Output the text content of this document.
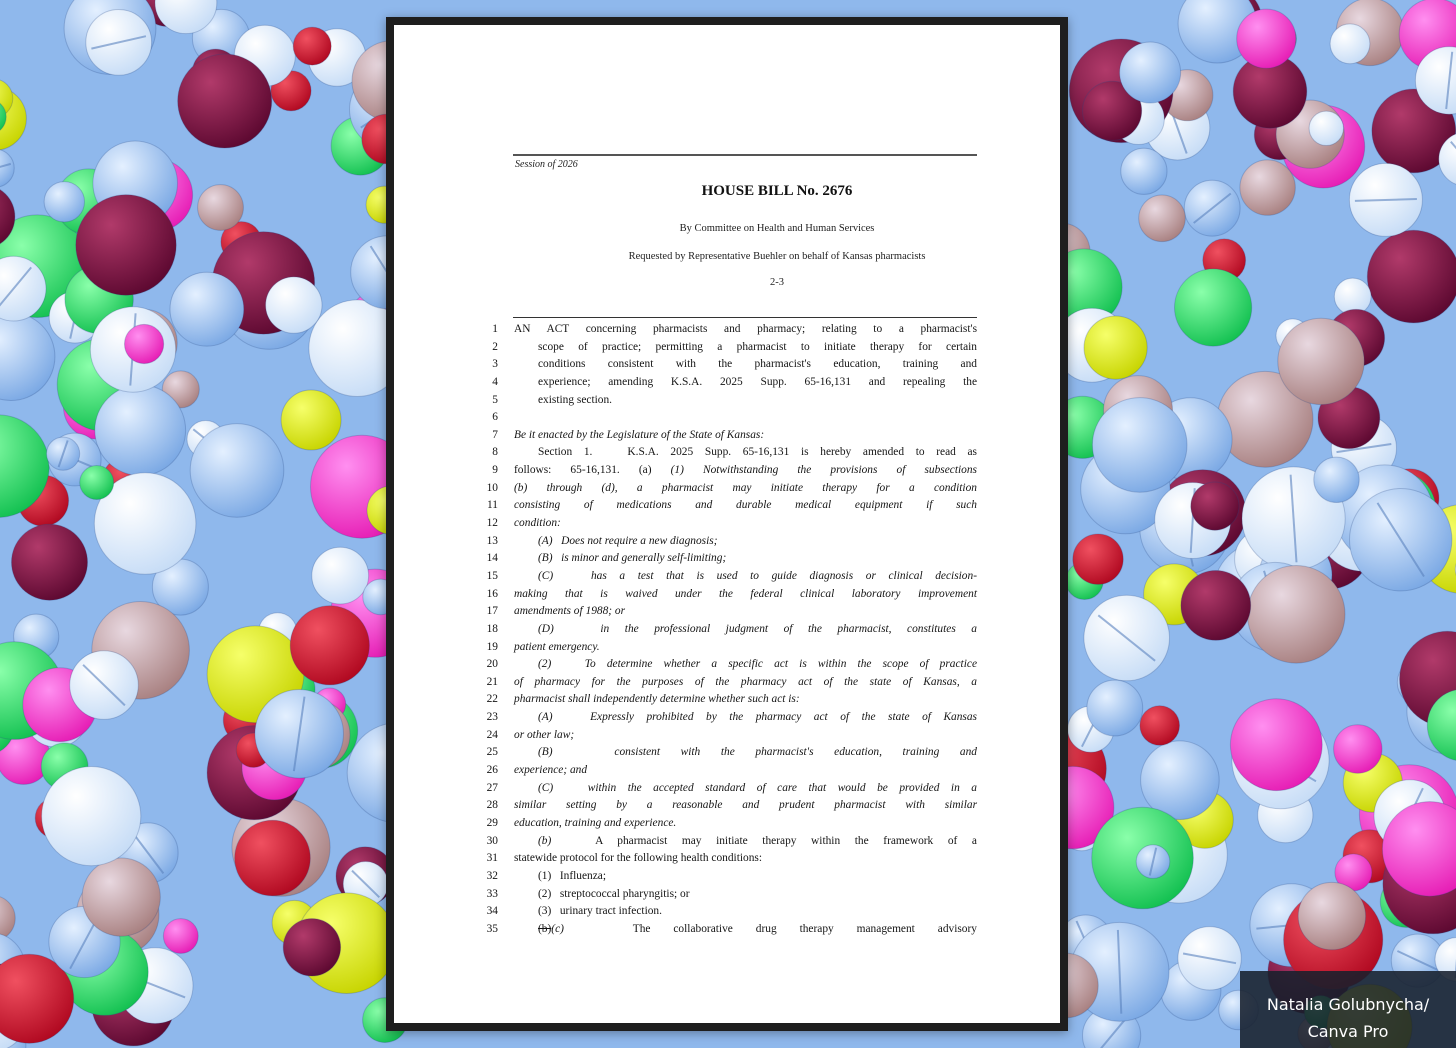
Session of 2026
HOUSE BILL No. 2676
By Committee on Health and Human Services
Requested by Representative Buehler on behalf of Kansas pharmacists
2-3
1 AN ACT concerning pharmacists and pharmacy; relating to a pharmacist's
2	scope of practice; permitting a pharmacist to initiate therapy for certain
3	conditions consistent with the pharmacist's education, training and
4	experience; amending K.S.A. 2025 Supp. 65-16,131 and repealing the
5	existing section.
6
7 Be it enacted by the Legislature of the State of Kansas:
8	Section 1.   K.S.A. 2025 Supp. 65-16,131 is hereby amended to read as
9 follows: 65-16,131. (a) (1) Notwithstanding the provisions of subsections
10 (b) through (d), a pharmacist may initiate therapy for a condition
11 consisting of medications and durable medical equipment if such
12 condition:
13	(A)   Does not require a new diagnosis;
14	(B)   is minor and generally self-limiting;
15	(C)   has a test that is used to guide diagnosis or clinical decision-
16 making that is waived under the federal clinical laboratory improvement
17 amendments of 1988; or
18	(D)   in the professional judgment of the pharmacist, constitutes a
19 patient emergency.
20	(2)   To determine whether a specific act is within the scope of practice
21 of pharmacy for the purposes of the pharmacy act of the state of Kansas, a
22 pharmacist shall independently determine whether such act is:
23	(A)   Expressly prohibited by the pharmacy act of the state of Kansas
24 or other law;
25	(B)   consistent with the pharmacist's education, training and
26 experience; and
27	(C)   within the accepted standard of care that would be provided in a
28 similar setting by a reasonable and prudent pharmacist with similar
29 education, training and experience.
30	(b)   A pharmacist may initiate therapy within the framework of a
31 statewide protocol for the following health conditions:
32	(1)   Influenza;
33	(2)   streptococcal pharyngitis; or
34	(3)   urinary tract infection.
35	(b)(c)   The collaborative drug therapy management advisory
Natalia Golubnycha/
Canva Pro
